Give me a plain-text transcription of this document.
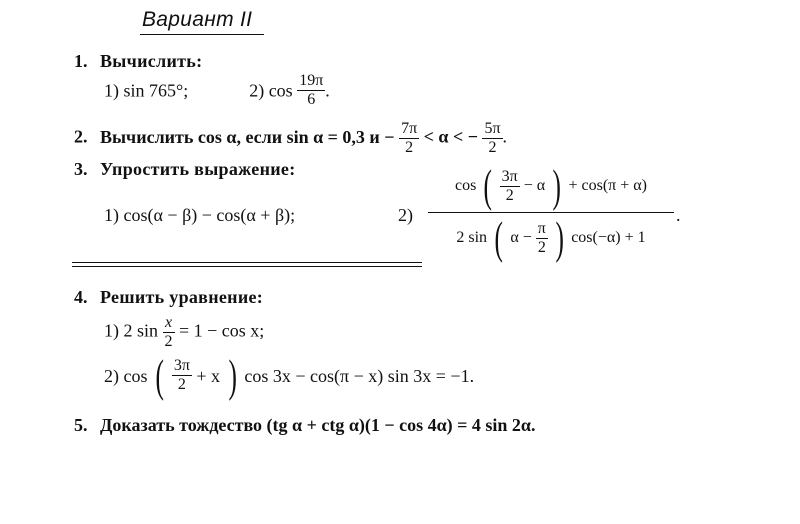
Вариант II
1. Вычислить:
1) sin 765°;	2) $\cos \frac{19\pi}{6}$ .
2. Вычислить cos α, если sin α = 0,3 $и - \frac{7\pi}{2} < \alpha$ < − $\frac{5\pi}{2}$ .
3. Упростить выражение:
1) cos(α − β) − cos(α + β);	2)
cos ( $\frac{3\pi}{2} - \alpha$ ) + cos(π + α)
2 sin ( $\alpha - \frac{\pi}{2}$ ) cos(−α) + 1
.
4. Решить уравнение:
1) 2 $\sin \frac{x}{2} = 1 - \cos x$;
2) cos ( $\frac{3\pi}{2} + x$ ) cos 3x − cos(π − x) sin 3x = −1.
5. Доказать тождество (tg α + ctg α)(1 − cos 4α) = 4 sin 2α.
